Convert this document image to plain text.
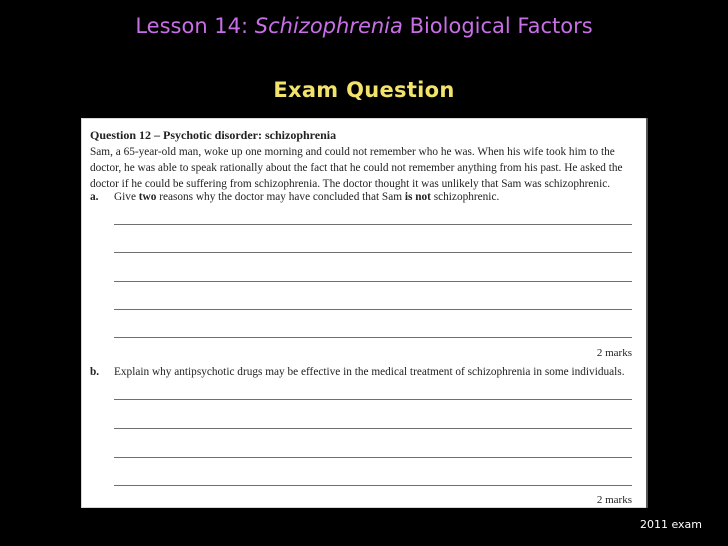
Lesson 14: Schizophrenia Biological Factors
Exam Question
Question 12 – Psychotic disorder: schizophrenia
Sam, a 65-year-old man, woke up one morning and could not remember who he was. When his wife took him to the doctor, he was able to speak rationally about the fact that he could not remember anything from his past. He asked the doctor if he could be suffering from schizophrenia. The doctor thought it was unlikely that Sam was schizophrenic.
a. Give two reasons why the doctor may have concluded that Sam is not schizophrenic.
2 marks
b. Explain why antipsychotic drugs may be effective in the medical treatment of schizophrenia in some individuals.
2 marks
2011 exam
